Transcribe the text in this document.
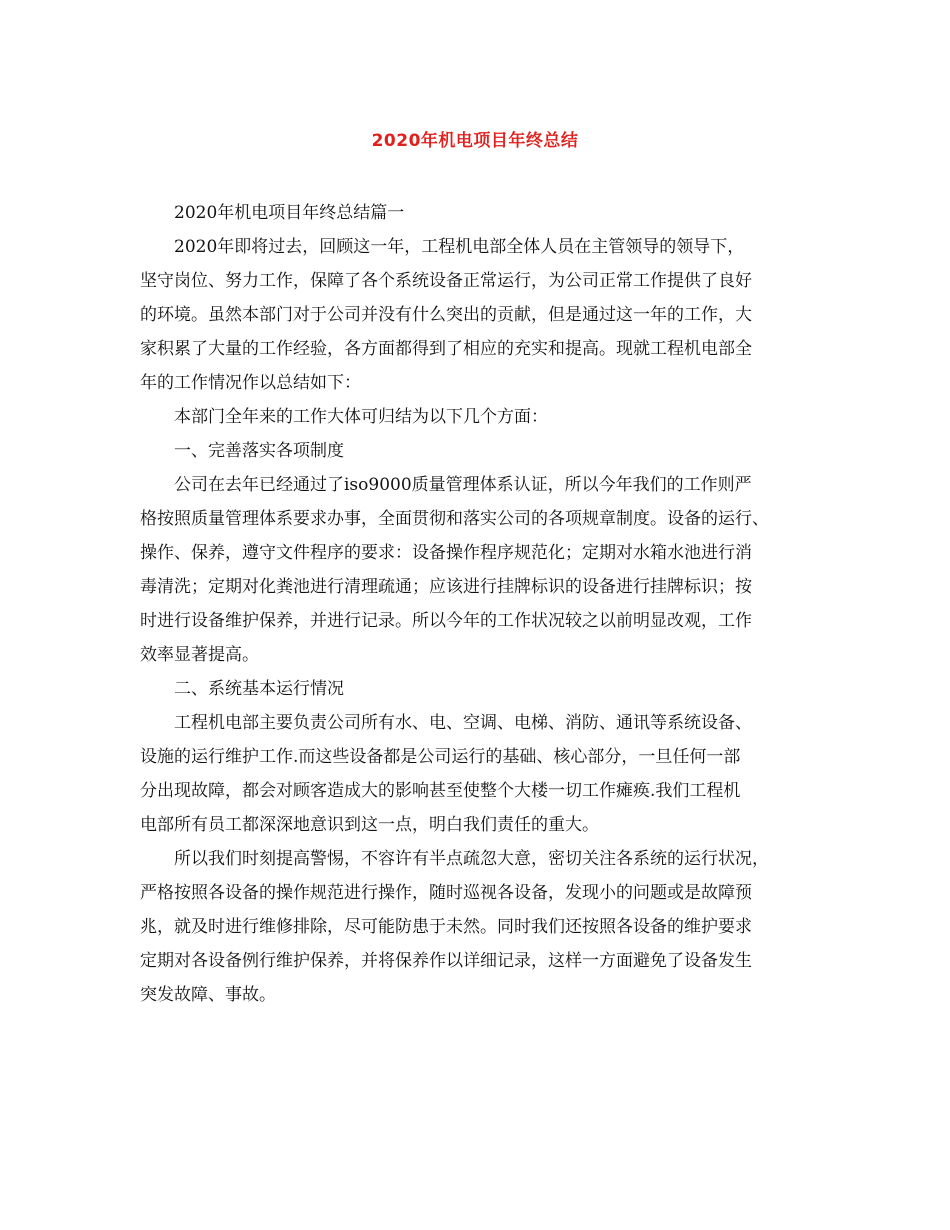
2020年机电项目年终总结
2020年机电项目年终总结篇一
2020年即将过去，回顾这一年，工程机电部全体人员在主管领导的领导下，
坚守岗位、努力工作，保障了各个系统设备正常运行，为公司正常工作提供了良好
的环境。虽然本部门对于公司并没有什么突出的贡献，但是通过这一年的工作，大
家积累了大量的工作经验，各方面都得到了相应的充实和提高。现就工程机电部全
年的工作情况作以总结如下：
本部门全年来的工作大体可归结为以下几个方面：
一、完善落实各项制度
公司在去年已经通过了iso9000质量管理体系认证，所以今年我们的工作则严
格按照质量管理体系要求办事，全面贯彻和落实公司的各项规章制度。设备的运行、
操作、保养，遵守文件程序的要求：设备操作程序规范化；定期对水箱水池进行消
毒清洗；定期对化粪池进行清理疏通；应该进行挂牌标识的设备进行挂牌标识；按
时进行设备维护保养，并进行记录。所以今年的工作状况较之以前明显改观，工作
效率显著提高。
二、系统基本运行情况
工程机电部主要负责公司所有水、电、空调、电梯、消防、通讯等系统设备、
设施的运行维护工作.而这些设备都是公司运行的基础、核心部分，一旦任何一部
分出现故障，都会对顾客造成大的影响甚至使整个大楼一切工作瘫痪.我们工程机
电部所有员工都深深地意识到这一点，明白我们责任的重大。
所以我们时刻提高警惕，不容许有半点疏忽大意，密切关注各系统的运行状况，
严格按照各设备的操作规范进行操作，随时巡视各设备，发现小的问题或是故障预
兆，就及时进行维修排除，尽可能防患于未然。同时我们还按照各设备的维护要求
定期对各设备例行维护保养，并将保养作以详细记录，这样一方面避免了设备发生
突发故障、事故。
